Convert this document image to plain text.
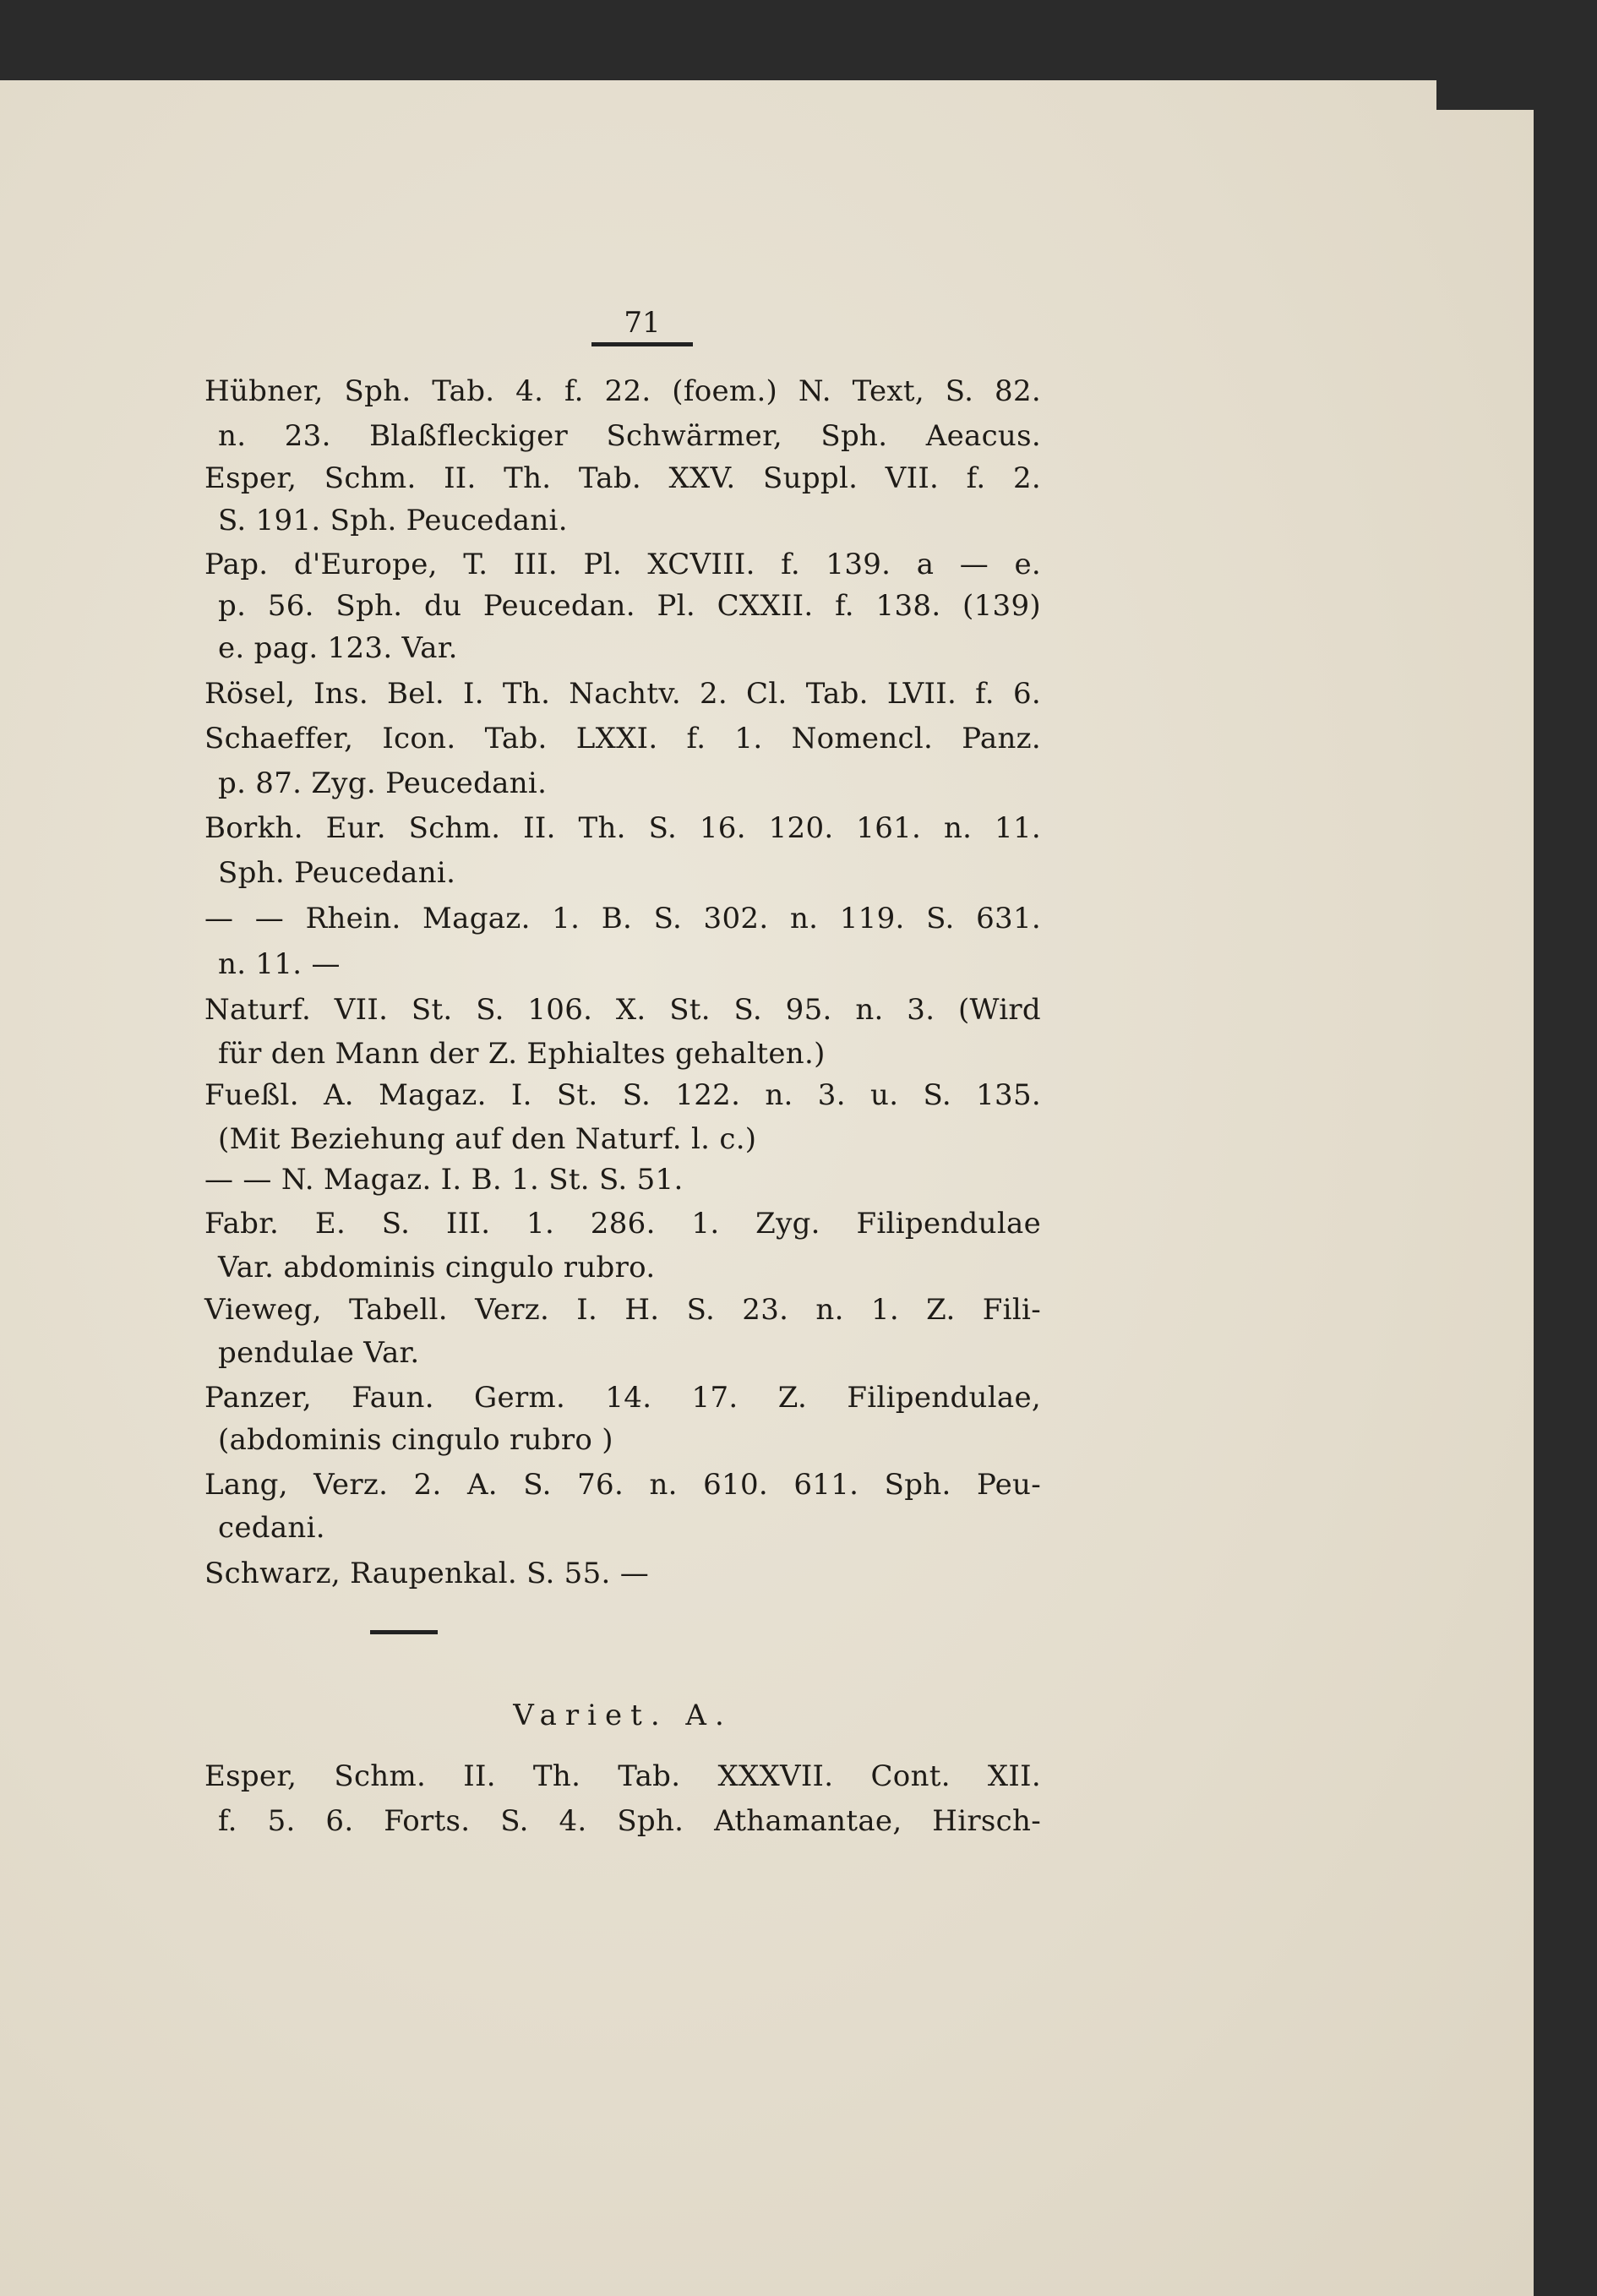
71
Hübner, Sph. Tab. 4. f. 22. (foem.) N. Text, S. 82.
n. 23. Blaßfleckiger Schwärmer, Sph. Aeacus.
Esper, Schm. II. Th. Tab. XXV. Suppl. VII. f. 2.
S. 191. Sph. Peucedani.
Pap. d'Europe, T. III. Pl. XCVIII. f. 139. a — e.
p. 56. Sph. du Peucedan. Pl. CXXII. f. 138. (139)
e. pag. 123. Var.
Rösel, Ins. Bel. I. Th. Nachtv. 2. Cl. Tab. LVII. f. 6.
Schaeffer, Icon. Tab. LXXI. f. 1. Nomencl. Panz.
p. 87. Zyg. Peucedani.
Borkh. Eur. Schm. II. Th. S. 16. 120. 161. n. 11.
Sph. Peucedani.
— — Rhein. Magaz. 1. B. S. 302. n. 119. S. 631.
n. 11. —
Naturf. VII. St. S. 106. X. St. S. 95. n. 3. (Wird
für den Mann der Z. Ephialtes gehalten.)
Fueßl. A. Magaz. I. St. S. 122. n. 3. u. S. 135.
(Mit Beziehung auf den Naturf. l. c.)
— — N. Magaz. I. B. 1. St. S. 51.
Fabr. E. S. III. 1. 286. 1. Zyg. Filipendulae
Var. abdominis cingulo rubro.
Vieweg, Tabell. Verz. I. H. S. 23. n. 1. Z. Fili-
pendulae Var.
Panzer, Faun. Germ. 14. 17. Z. Filipendulae,
(abdominis cingulo rubro )
Lang, Verz. 2. A. S. 76. n. 610. 611. Sph. Peu-
cedani.
Schwarz, Raupenkal. S. 55. —
Variet. A.
Esper, Schm. II. Th. Tab. XXXVII. Cont. XII.
f. 5. 6. Forts. S. 4. Sph. Athamantae, Hirsch-
